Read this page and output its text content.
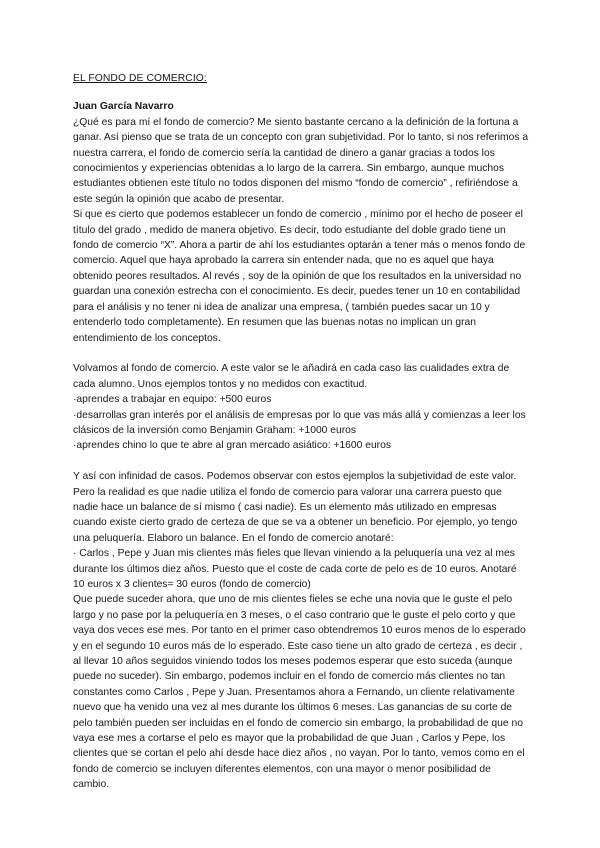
EL FONDO DE COMERCIO:

Juan García Navarro

¿Qué es para mí el fondo de comercio? Me siento bastante cercano a la definición de la fortuna a ganar. Así pienso que se trata de un concepto con gran subjetividad. Por lo tanto, si nos referimos a nuestra carrera, el fondo de comercio sería la cantidad de dinero a ganar gracias a todos los conocimientos y experiencias obtenidas a lo largo de la carrera. Sin embargo, aunque muchos estudiantes obtienen este título no todos disponen del mismo “fondo de comercio” , refiriéndose a este según la opinión que acabo de presentar.

Si que es cierto que podemos establecer un fondo de comercio , mínimo por el hecho de poseer el título del grado , medido de manera objetivo. Es decir, todo estudiante del doble grado tiene un fondo de comercio “X”. Ahora a partir de ahí los estudiantes optarán a tener más o menos fondo de comercio. Aquel que haya aprobado la carrera sin entender nada, que no es aquel que haya obtenido peores resultados. Al revés , soy de la opinión de que los resultados en la universidad no guardan una conexión estrecha con el conocimiento. Es decir, puedes tener un 10 en contabilidad para el análisis y no tener ni idea de analizar una empresa, ( también puedes sacar un 10 y entenderlo todo completamente). En resumen que las buenas notas no implican un gran entendimiento de los conceptos.

Volvamos al fondo de comercio. A este valor se le añadirá en cada caso las cualidades extra de cada alumno. Unos ejemplos tontos y no medidos con exactitud.

·aprendes a trabajar en equipo: +500 euros

·desarrollas gran interés por el análisis de empresas por lo que vas más allá y comienzas a leer los clásicos de la inversión como Benjamin Graham: +1000 euros

·aprendes chino lo que te abre al gran mercado asiático: +1600 euros

Y así con infinidad de casos. Podemos observar con estos ejemplos la subjetividad de este valor. Pero la realidad es que nadie utiliza el fondo de comercio para valorar una carrera puesto que nadie hace un balance de sí mismo ( casi nadie). Es un elemento más utilizado en empresas cuando existe cierto grado de certeza de que se va a obtener un beneficio. Por ejemplo, yo tengo una peluquería. Elaboro un balance. En el fondo de comercio anotaré:

· Carlos , Pepe y Juan mis clientes más fieles que llevan viniendo a la peluquería una vez al mes durante los últimos diez años. Puesto que el coste de cada corte de pelo es de 10 euros. Anotaré 10 euros x 3 clientes= 30 euros (fondo de comercio)

Que puede suceder ahora, que uno de mis clientes fieles se eche una novia que le guste el pelo largo y no pase por la peluquería en 3 meses, o el caso contrario que le guste el pelo corto y que vaya dos veces ese mes. Por tanto en el primer caso obtendremos 10 euros menos de lo esperado y en el segundo 10 euros más de lo esperado. Este caso tiene un alto grado de certeza , es decir , al llevar 10 años seguidos viniendo todos los meses podemos esperar que esto suceda (aunque puede no suceder). Sin embargo, podemos incluir en el fondo de comercio más clientes no tan constantes como Carlos , Pepe y Juan. Presentamos ahora a Fernando, un cliente relativamente nuevo que ha venido una vez al mes durante los últimos 6 meses. Las ganancias de su corte de pelo también pueden ser incluidas en el fondo de comercio sin embargo, la probabilidad de que no vaya ese mes a cortarse el pelo es mayor que la probabilidad de que Juan , Carlos y Pepe, los clientes que se cortan el pelo ahí desde hace diez años , no vayan. Por lo tanto, vemos como en el fondo de comercio se incluyen diferentes elementos, con una mayor o menor posibilidad de cambio.
